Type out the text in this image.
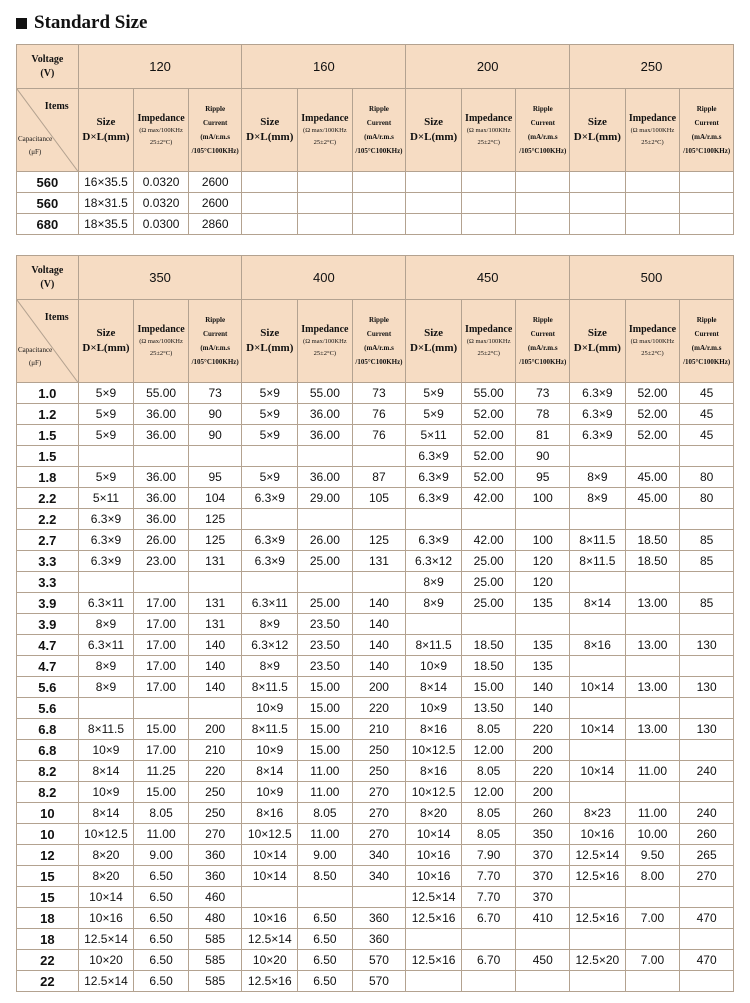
Standard Size
Voltage
(V)	120			160			200			250		

Items
Capacitance
(μF)	Size
D×L(mm)	Impedance
(Ω max/100KHz
25±2°C)	Ripple
Current
(mA/r.m.s
/105°C100KHz)	Size
D×L(mm)	Impedance
(Ω max/100KHz
25±2°C)	Ripple
Current
(mA/r.m.s
/105°C100KHz)	Size
D×L(mm)	Impedance
(Ω max/100KHz
25±2°C)	Ripple
Current
(mA/r.m.s
/105°C100KHz)	Size
D×L(mm)	Impedance
(Ω max/100KHz
25±2°C)	Ripple
Current
(mA/r.m.s
/105°C100KHz)

560	16×35.5	0.0320	2600									
560	18×31.5	0.0320	2600									
680	18×35.5	0.0300	2860									
Voltage
(V)	350			400			450			500		

Items
Capacitance
(μF)	Size
D×L(mm)	Impedance
(Ω max/100KHz
25±2°C)	Ripple
Current
(mA/r.m.s
/105°C100KHz)	Size
D×L(mm)	Impedance
(Ω max/100KHz
25±2°C)	Ripple
Current
(mA/r.m.s
/105°C100KHz)	Size
D×L(mm)	Impedance
(Ω max/100KHz
25±2°C)	Ripple
Current
(mA/r.m.s
/105°C100KHz)	Size
D×L(mm)	Impedance
(Ω max/100KHz
25±2°C)	Ripple
Current
(mA/r.m.s
/105°C100KHz)

1.0	5×9	55.00	73	5×9	55.00	73	5×9	55.00	73	6.3×9	52.00	45
1.2	5×9	36.00	90	5×9	36.00	76	5×9	52.00	78	6.3×9	52.00	45
1.5	5×9	36.00	90	5×9	36.00	76	5×11	52.00	81	6.3×9	52.00	45
1.5							6.3×9	52.00	90			
1.8	5×9	36.00	95	5×9	36.00	87	6.3×9	52.00	95	8×9	45.00	80
2.2	5×11	36.00	104	6.3×9	29.00	105	6.3×9	42.00	100	8×9	45.00	80
2.2	6.3×9	36.00	125									
2.7	6.3×9	26.00	125	6.3×9	26.00	125	6.3×9	42.00	100	8×11.5	18.50	85
3.3	6.3×9	23.00	131	6.3×9	25.00	131	6.3×12	25.00	120	8×11.5	18.50	85
3.3							8×9	25.00	120			
3.9	6.3×11	17.00	131	6.3×11	25.00	140	8×9	25.00	135	8×14	13.00	85
3.9	8×9	17.00	131	8×9	23.50	140						
4.7	6.3×11	17.00	140	6.3×12	23.50	140	8×11.5	18.50	135	8×16	13.00	130
4.7	8×9	17.00	140	8×9	23.50	140	10×9	18.50	135			
5.6	8×9	17.00	140	8×11.5	15.00	200	8×14	15.00	140	10×14	13.00	130
5.6				10×9	15.00	220	10×9	13.50	140			
6.8	8×11.5	15.00	200	8×11.5	15.00	210	8×16	8.05	220	10×14	13.00	130
6.8	10×9	17.00	210	10×9	15.00	250	10×12.5	12.00	200			
8.2	8×14	11.25	220	8×14	11.00	250	8×16	8.05	220	10×14	11.00	240
8.2	10×9	15.00	250	10×9	11.00	270	10×12.5	12.00	200			
10	8×14	8.05	250	8×16	8.05	270	8×20	8.05	260	8×23	11.00	240
10	10×12.5	11.00	270	10×12.5	11.00	270	10×14	8.05	350	10×16	10.00	260
12	8×20	9.00	360	10×14	9.00	340	10×16	7.90	370	12.5×14	9.50	265
15	8×20	6.50	360	10×14	8.50	340	10×16	7.70	370	12.5×16	8.00	270
15	10×14	6.50	460				12.5×14	7.70	370			
18	10×16	6.50	480	10×16	6.50	360	12.5×16	6.70	410	12.5×16	7.00	470
18	12.5×14	6.50	585	12.5×14	6.50	360						
22	10×20	6.50	585	10×20	6.50	570	12.5×16	6.70	450	12.5×20	7.00	470
22	12.5×14	6.50	585	12.5×16	6.50	570						
